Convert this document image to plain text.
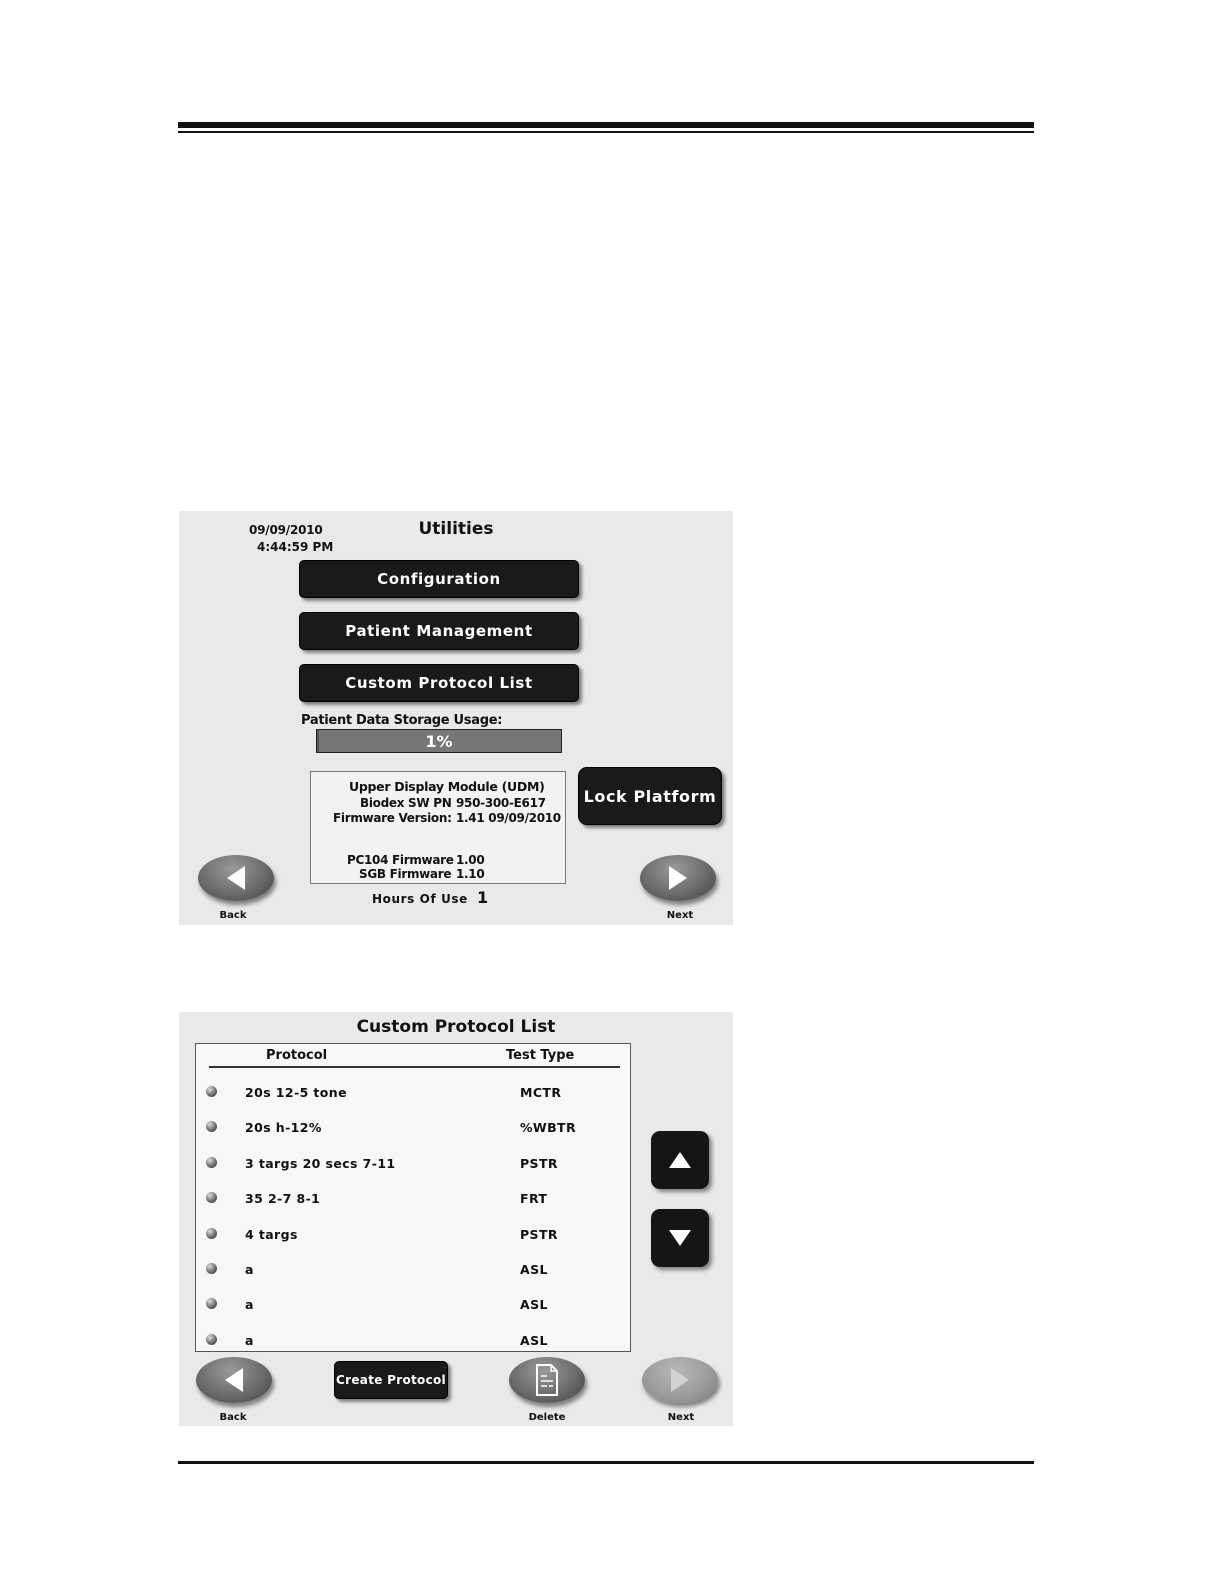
09/09/2010
4:44:59 PM
Utilities
Configuration
Patient Management
Custom Protocol List
Patient Data Storage Usage:
1%
Upper Display Module (UDM)
Biodex SW PN 950-300-E617
Firmware Version: 1.41 09/09/2010
PC104 Firmware 1.00
SGB Firmware 1.10
Lock Platform
Hours Of Use 1
Back	Next
Custom Protocol List
Protocol	Test Type
20s 12-5 tone	MCTR
20s h-12%	%WBTR
3 targs 20 secs 7-11	PSTR
35 2-7 8-1	FRT
4 targs	PSTR
a	ASL
a	ASL
a	ASL
Back
Create Protocol
Delete	Next
